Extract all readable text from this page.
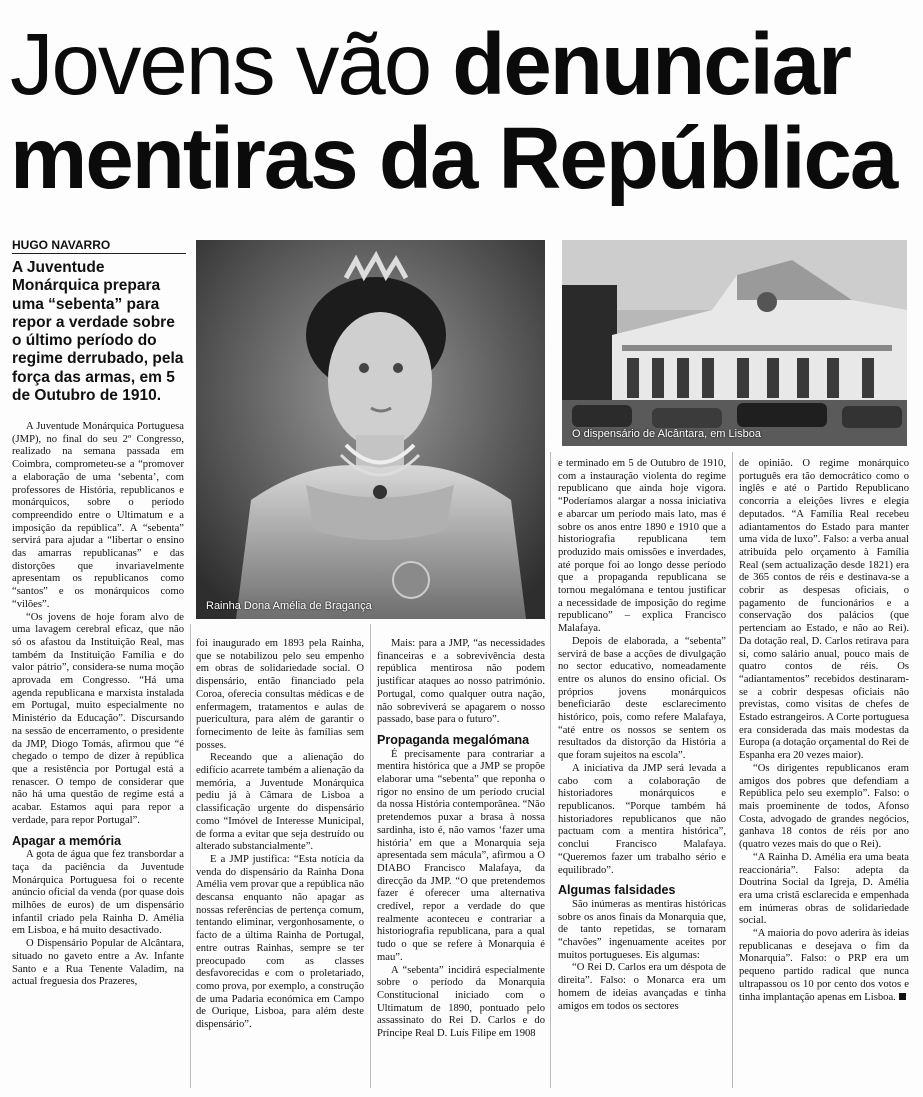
Jovens vão denunciar mentiras da República
HUGO NAVARRO
A Juventude Monárquica prepara uma “sebenta” para repor a verdade sobre o último período do regime derrubado, pela força das armas, em 5 de Outubro de 1910.
Rainha Dona Amélia de Bragança
O dispensário de Alcântara, em Lisboa

A Juventude Monárquica Portuguesa (JMP), no final do seu 2º Congresso, realizado na semana passada em Coimbra, comprometeu-se a “promover a elaboração de uma ‘sebenta’, com professores de História, republicanos e monárquicos, sobre o período compreendido entre o Ultimatum e a imposição da república”. A “sebenta” servirá para ajudar a “libertar o ensino das amarras republicanas” e das distorções que invariavelmente apresentam os republicanos como “santos” e os monárquicos como “vilões”.

“Os jovens de hoje foram alvo de uma lavagem cerebral eficaz, que não só os afastou da Instituição Real, mas também da Instituição Família e do valor pátrio”, considera-se numa moção aprovada em Congresso. “Há uma agenda republicana e marxista instalada em Portugal, muito especialmente no Ministério da Educação”. Discursando na sessão de encerramento, o presidente da JMP, Diogo Tomás, afirmou que “é chegado o tempo de dizer à república que a resistência por Portugal está a renascer. O tempo de considerar que não há uma questão de regime está a acabar. Estamos aqui para repor a verdade, para repor Portugal”.

Apagar a memória

A gota de água que fez transbordar a taça da paciência da Juventude Monárquica Portuguesa foi o recente anúncio oficial da venda (por quase dois milhões de euros) de um dispensário infantil criado pela Rainha D. Amélia em Lisboa, e há muito desactivado.

O Dispensário Popular de Alcântara, situado no gaveto entre a Av. Infante Santo e a Rua Tenente Valadim, na actual freguesia dos Prazeres,

foi inaugurado em 1893 pela Rainha, que se notabilizou pelo seu empenho em obras de solidariedade social. O dispensário, então financiado pela Coroa, oferecia consultas médicas e de enfermagem, tratamentos e aulas de puericultura, para além de garantir o fornecimento de leite às famílias sem posses.

Receando que a alienação do edifício acarrete também a alienação da memória, a Juventude Monárquica pediu já à Câmara de Lisboa a classificação urgente do dispensário como “Imóvel de Interesse Municipal, de forma a evitar que seja destruído ou alterado substancialmente”.

E a JMP justifica: “Esta notícia da venda do dispensário da Rainha Dona Amélia vem provar que a república não descansa enquanto não apagar as nossas referências de pertença comum, tentando eliminar, vergonhosamente, o facto de a última Rainha de Portugal, entre outras Rainhas, sempre se ter preocupado com as classes desfavorecidas e com o proletariado, como prova, por exemplo, a construção de uma Padaria económica em Campo de Ourique, Lisboa, para além deste dispensário”.

Mais: para a JMP, “as necessidades financeiras e a sobrevivência desta república mentirosa não podem justificar ataques ao nosso património. Portugal, como qualquer outra nação, não sobreviverá se apagarem o nosso passado, base para o futuro”.

Propaganda megalómana

É precisamente para contrariar a mentira histórica que a JMP se propõe elaborar uma “sebenta” que reponha o rigor no ensino de um período crucial da nossa História contemporânea. “Não pretendemos puxar a brasa à nossa sardinha, isto é, não vamos ‘fazer uma história’ em que a Monarquia seja apresentada sem mácula”, afirmou a O DIABO Francisco Malafaya, da direcção da JMP. “O que pretendemos fazer é oferecer uma alternativa credível, repor a verdade do que realmente aconteceu e contrariar a historiografia republicana, para a qual tudo o que se refere à Monarquia é mau”.

A “sebenta” incidirá especialmente sobre o período da Monarquia Constitucional iniciado com o Ultimatum de 1890, pontuado pelo assassinato do Rei D. Carlos e do Príncipe Real D. Luís Filipe em 1908

e terminado em 5 de Outubro de 1910, com a instauração violenta do regime republicano que ainda hoje vigora. “Poderíamos alargar a nossa iniciativa e abarcar um período mais lato, mas é sobre os anos entre 1890 e 1910 que a historiografia republicana tem produzido mais omissões e inverdades, até porque foi ao longo desse período que a propaganda republicana se tornou megalómana e tentou justificar a necessidade de imposição do regime republicano” – explica Francisco Malafaya.

Depois de elaborada, a “sebenta” servirá de base a acções de divulgação no sector educativo, nomeadamente entre os alunos do ensino oficial. Os próprios jovens monárquicos beneficiarão deste esclarecimento histórico, pois, como refere Malafaya, “até entre os nossos se sentem os resultados da distorção da História a que foram sujeitos na escola”.

A iniciativa da JMP será levada a cabo com a colaboração de historiadores monárquicos e republicanos. “Porque também há historiadores republicanos que não pactuam com a mentira histórica”, conclui Francisco Malafaya. “Queremos fazer um trabalho sério e equilibrado”.

Algumas falsidades

São inúmeras as mentiras históricas sobre os anos finais da Monarquia que, de tanto repetidas, se tornaram “chavões” ingenuamente aceites por muitos portugueses. Eis algumas:

“O Rei D. Carlos era um déspota de direita”. Falso: o Monarca era um homem de ideias avançadas e tinha amigos em todos os sectores

de opinião. O regime monárquico português era tão democrático como o inglês e até o Partido Republicano concorria a eleições livres e elegia deputados. “A Família Real recebeu adiantamentos do Estado para manter uma vida de luxo”. Falso: a verba anual atribuída pelo orçamento à Família Real (sem actualização desde 1821) era de 365 contos de réis e destinava-se a cobrir as despesas oficiais, o pagamento de funcionários e a conservação dos palácios (que pertenciam ao Estado, e não ao Rei). Da dotação real, D. Carlos retirava para si, como salário anual, pouco mais de quatro contos de réis. Os “adiantamentos” recebidos destinaram-se a cobrir despesas oficiais não previstas, como visitas de chefes de Estado estrangeiros. A Corte portuguesa era considerada das mais modestas da Europa (a dotação orçamental do Rei de Espanha era 20 vezes maior).

“Os dirigentes republicanos eram amigos dos pobres que defendiam a República pelo seu exemplo”. Falso: o mais proeminente de todos, Afonso Costa, advogado de grandes negócios, ganhava 18 contos de réis por ano (quatro vezes mais do que o Rei).

“A Rainha D. Amélia era uma beata reaccionária”. Falso: adepta da Doutrina Social da Igreja, D. Amélia era uma cristã esclarecida e empenhada em inúmeras obras de solidariedade social.

“A maioria do povo aderira às ideias republicanas e desejava o fim da Monarquia”. Falso: o PRP era um pequeno partido radical que nunca ultrapassou os 10 por cento dos votos e tinha implantação apenas em Lisboa.
